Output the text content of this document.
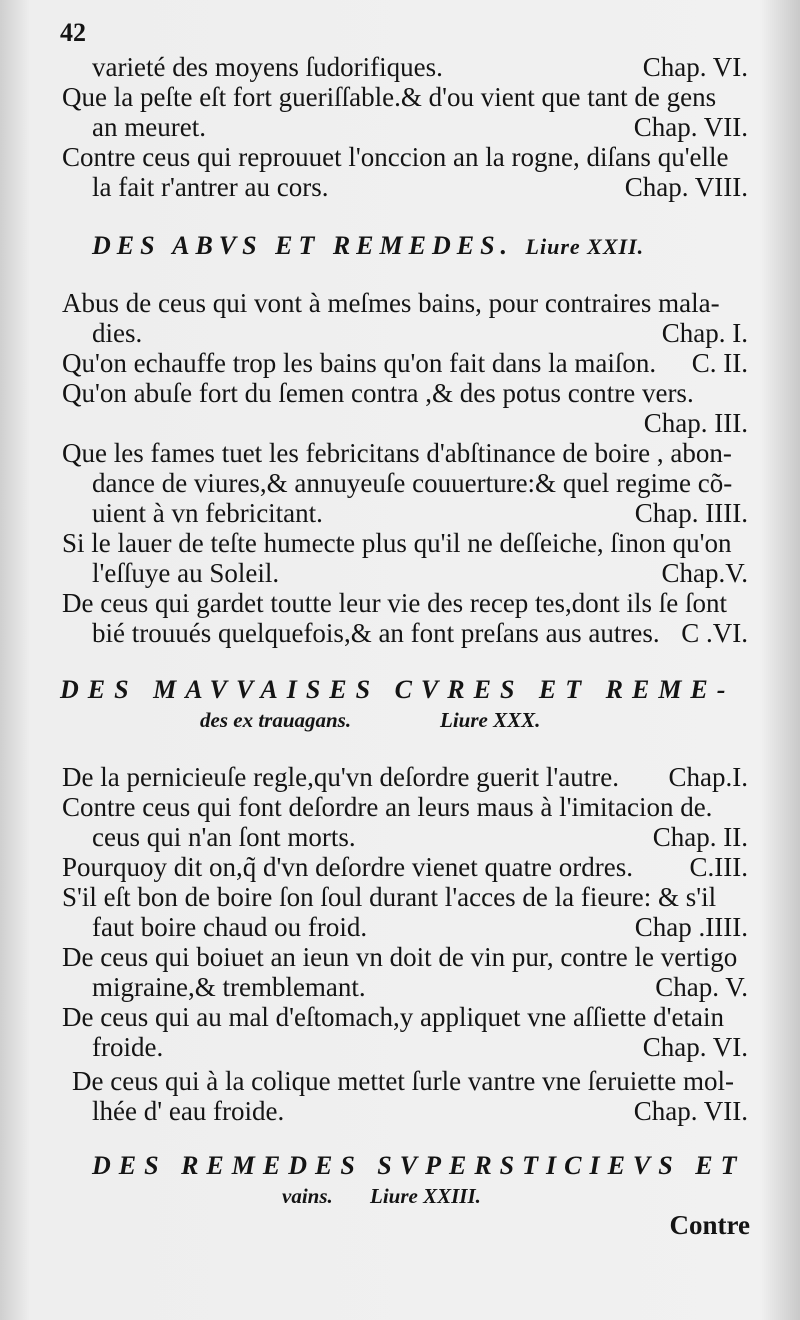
42
varieté des moyens ſudorifiques.	Chap. VI.
Que la peſte eſt fort gueriſſable.& d'ou vient que tant de gens
an meuret.	Chap. VII.
Contre ceus qui reprouuet l'onccion an la rogne, diſans qu'elle
la fait r'antrer au cors.	Chap. VIII.
DES ABVS ET REMEDES. Liure XXII.
Abus de ceus qui vont à meſmes bains, pour contraires mala-
dies.	Chap. I.
Qu'on echauffe trop les bains qu'on fait dans la maiſon. C. II.
Qu'on abuſe fort du ſemen contra ,& des potus contre vers.
Chap. III.
Que les fames tuet les febricitans d'abſtinance de boire , abon-
dance de viures,& annuyeuſe couuerture:& quel regime cõ-
uient à vn febricitant.	Chap. IIII.
Si le lauer de teſte humecte plus qu'il ne deſſeiche, ſinon qu'on
l'eſſuye au Soleil.	Chap.V.
De ceus qui gardet toutte leur vie des recep tes,dont ils ſe ſont
bié trouués quelquefois,& an font preſans aus autres. C .VI.
DES MAVVAISES CVRES ET REME-
des ex trauagans.	Liure XXX.
De la pernicieuſe regle,qu'vn deſordre guerit l'autre. Chap.I.
Contre ceus qui font deſordre an leurs maus à l'imitacion de.
ceus qui n'an ſont morts.	Chap. II.
Pourquoy dit on,q̃ d'vn deſordre vienet quatre ordres. C.III.
S'il eſt bon de boire ſon ſoul durant l'acces de la fieure: & s'il
faut boire chaud ou froid.	Chap .IIII.
De ceus qui boiuet an ieun vn doit de vin pur, contre le vertigo
migraine,& tremblemant.	Chap. V.
De ceus qui au mal d'eſtomach,y appliquet vne aſſiette d'etain
froide.	Chap. VI.
De ceus qui à la colique mettet ſurle vantre vne ſeruiette mol-
lhée d' eau froide.	Chap. VII.
DES REMEDES SVPERSTICIEVS ET
vains. Liure XXIII.
Contre
